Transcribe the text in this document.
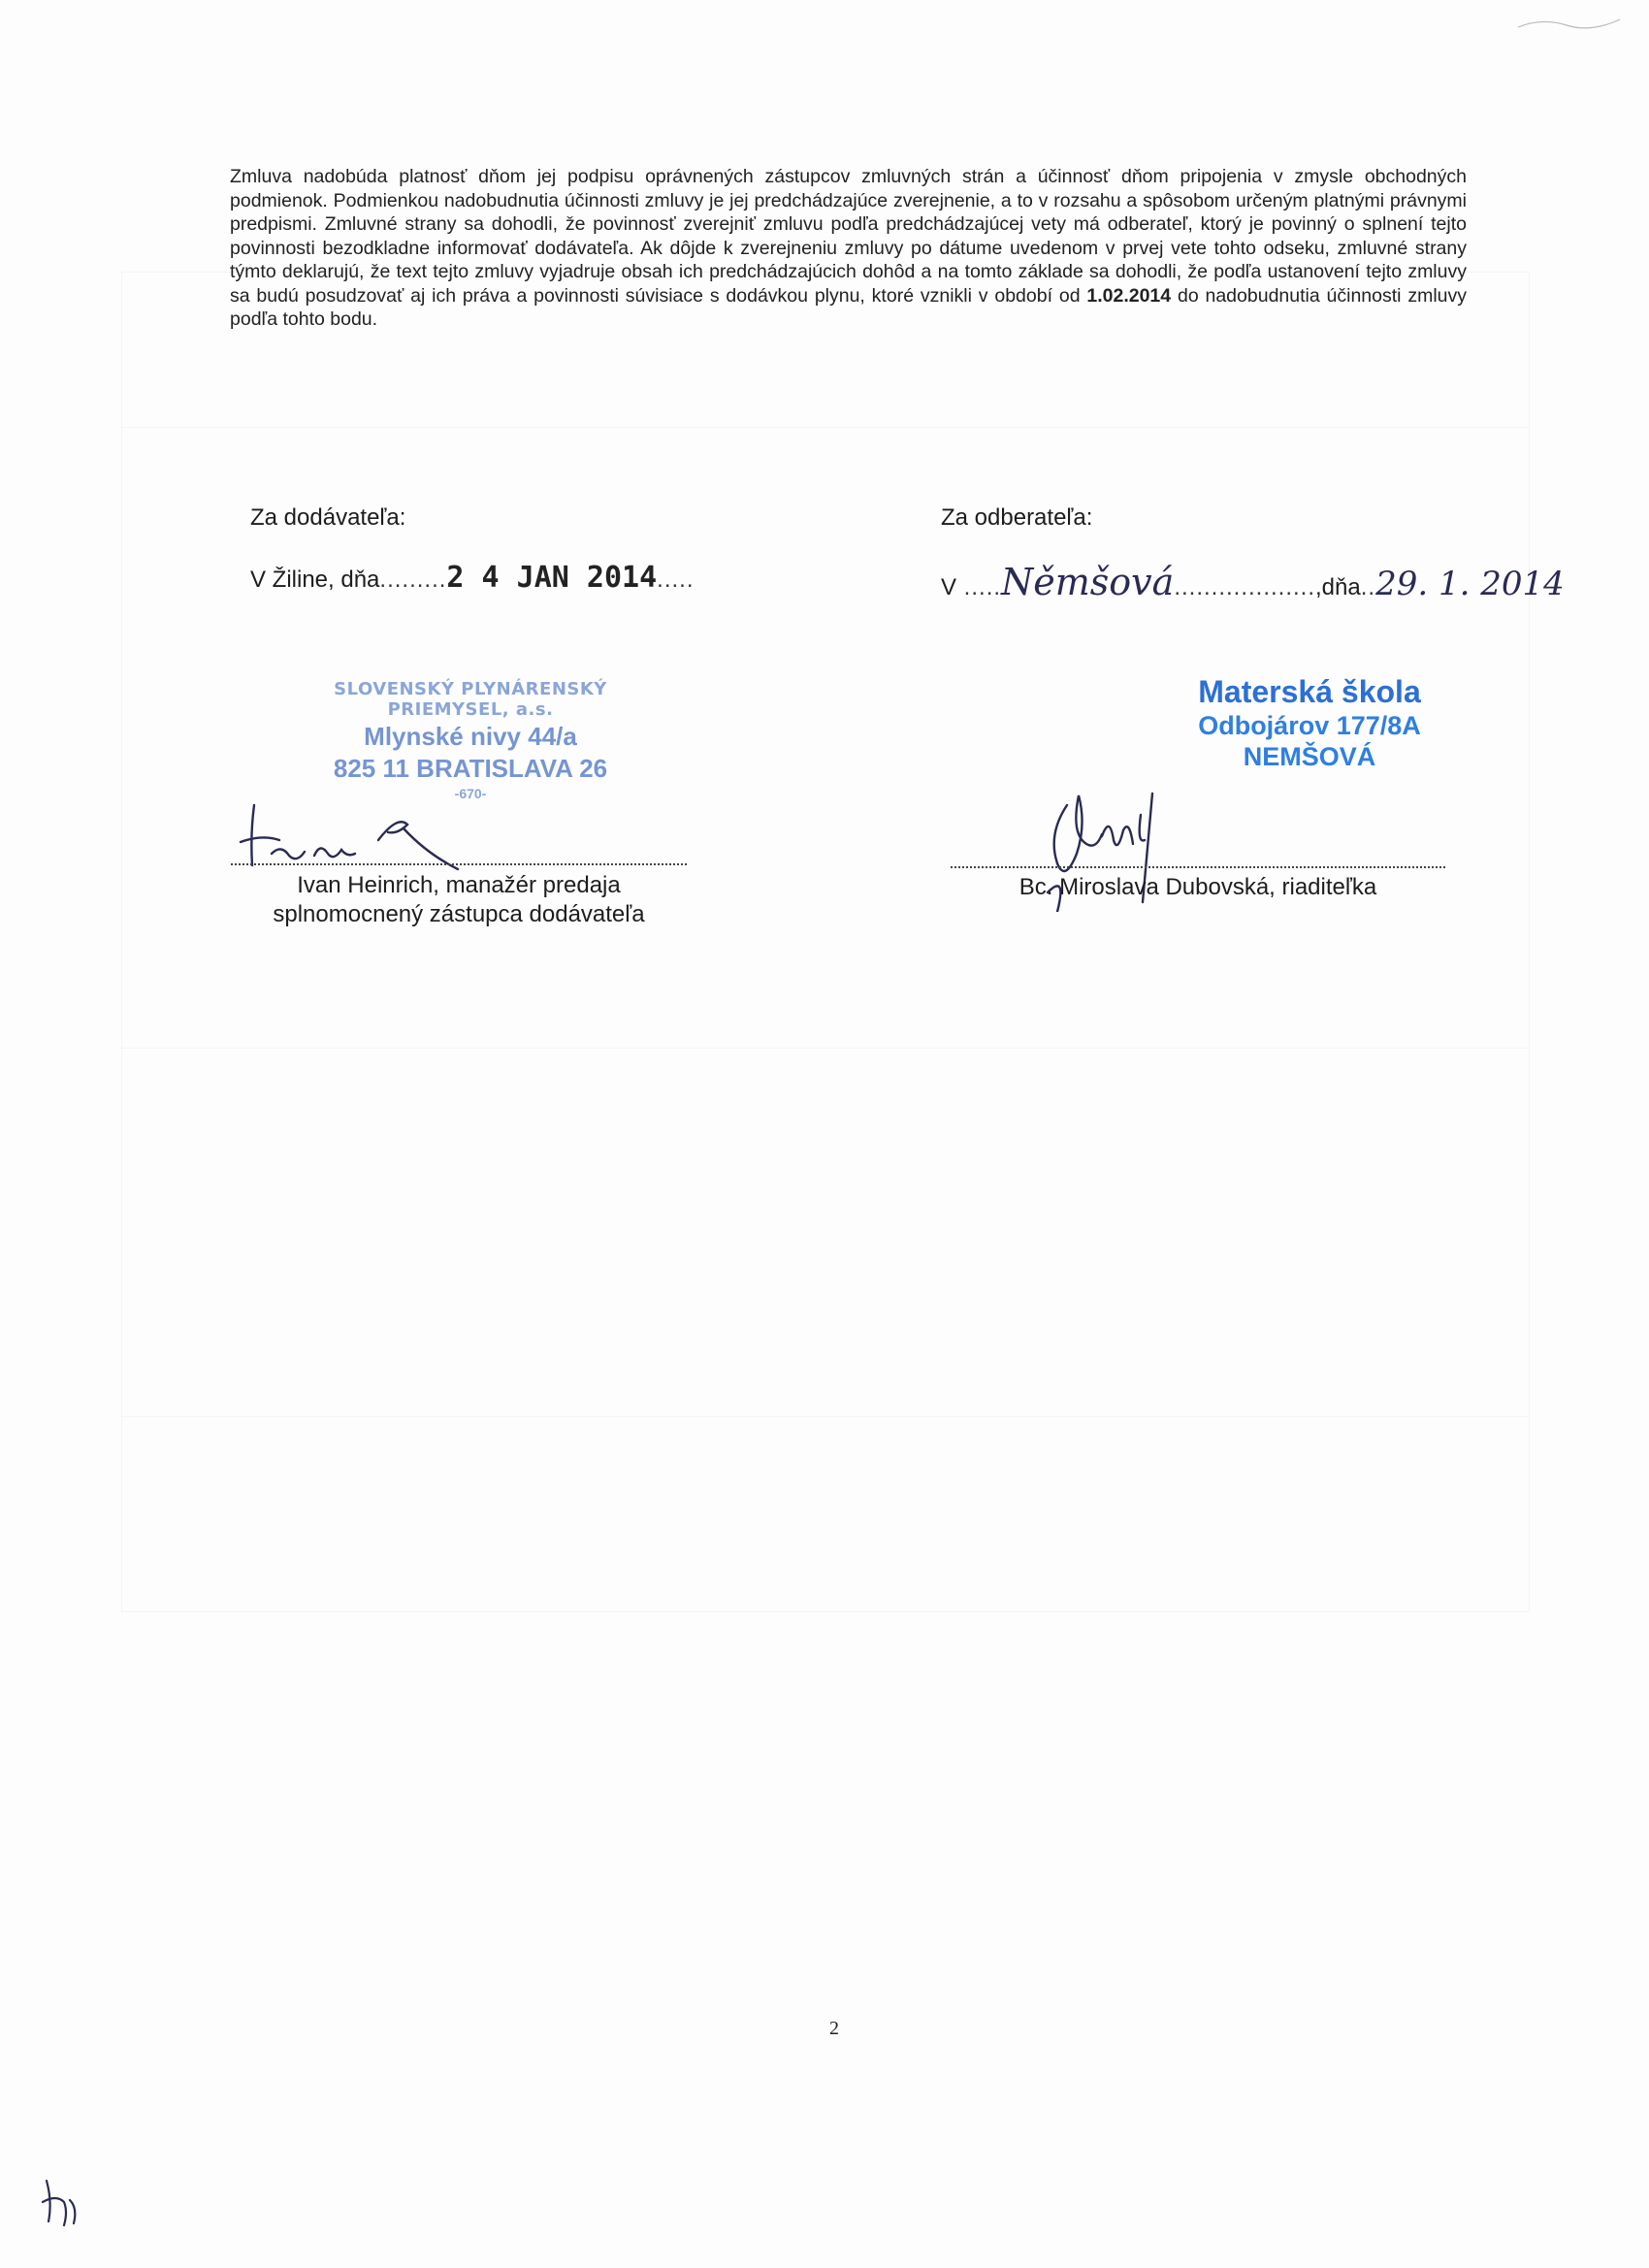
Zmluva nadobúda platnosť dňom jej podpisu oprávnených zástupcov zmluvných strán a účinnosť dňom pripojenia v zmysle obchodných podmienok. Podmienkou nadobudnutia účinnosti zmluvy je jej predchádzajúce zverejnenie, a to v rozsahu a spôsobom určeným platnými právnymi predpismi. Zmluvné strany sa dohodli, že povinnosť zverejniť zmluvu podľa predchádzajúcej vety má odberateľ, ktorý je povinný o splnení tejto povinnosti bezodkladne informovať dodávateľa. Ak dôjde k zverejneniu zmluvy po dátume uvedenom v prvej vete tohto odseku, zmluvné strany týmto deklarujú, že text tejto zmluvy vyjadruje obsah ich predchádzajúcich dohôd a na tomto základe sa dohodli, že podľa ustanovení tejto zmluvy sa budú posudzovať aj ich práva a povinnosti súvisiace s dodávkou plynu, ktoré vznikli v období od 1.02.2014 do nadobudnutia účinnosti zmluvy podľa tohto bodu.

Za dodávateľa:
V Žiline, dňa.........2 4 JAN 2014.....
SLOVENSKÝ PLYNÁRENSKÝ PRIEMYSEL, a.s.
Mlynské nivy 44/a
825 11 BRATISLAVA 26
-670-
Ivan Heinrich, manažér predaja
splnomocnený zástupca dodávateľa
Za odberateľa:
V .....Němšová...................,dňa..29. 1. 2014
Materská škola
Odbojárov 177/8A
NEMŠOVÁ
Bc. Miroslava Dubovská, riaditeľka
2
